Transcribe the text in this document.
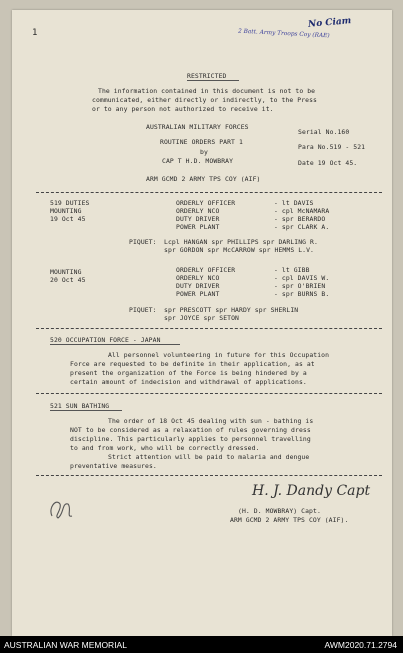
1
No Ciam
2 Batt. Army Troops Coy (RAE)
RESTRICTED
The information contained in this document is not to be
communicated, either directly or indirectly, to the Press
or to any person not authorized to receive it.
AUSTRALIAN MILITARY FORCES
Serial No.160
ROUTINE ORDERS PART 1
Para No.519 - 521
by
CAP T H.D. MOWBRAY	Date 19 Oct 45.
ARM GCMD 2 ARMY TPS COY (AIF)
519 DUTIES
MOUNTING
19 Oct 45
ORDERLY OFFICER	- lt DAVIS
ORDERLY NCO	- cpl McNAMARA
DUTY DRIVER	- spr BERARDO
POWER PLANT	- spr CLARK A.
PIQUET: Lcpl HANGAN spr PHILLIPS spr DARLING R.
spr GORDON spr McCARROW spr HEMMS L.V.
MOUNTING
20 Oct 45
ORDERLY OFFICER	- lt GIBB
ORDERLY NCO	- cpl DAVIS W.
DUTY DRIVER	- spr O'BRIEN
POWER PLANT	- spr BURNS B.
PIQUET: spr PRESCOTT spr HARDY spr SHERLIN
spr JOYCE spr SETON
520 OCCUPATION FORCE - JAPAN
All personnel volunteering in future for this Occupation
Force are requested to be definite in their application, as at
present the organization of the Force is being hindered by a
certain amount of indecision and withdrawal of applications.
521 SUN BATHING
The order of 18 Oct 45 dealing with sun - bathing is
NOT to be considered as a relaxation of rules governing dress
discipline. This particularly applies to personnel travelling
to and from work, who will be correctly dressed.
Strict attention will be paid to malaria and dengue
preventative measures.
H. J. Dandy Capt
(H. D. MOWBRAY) Capt.
ARM GCMD 2 ARMY TPS COY (AIF).
AUSTRALIAN WAR MEMORIAL	AWM2020.71.2794
